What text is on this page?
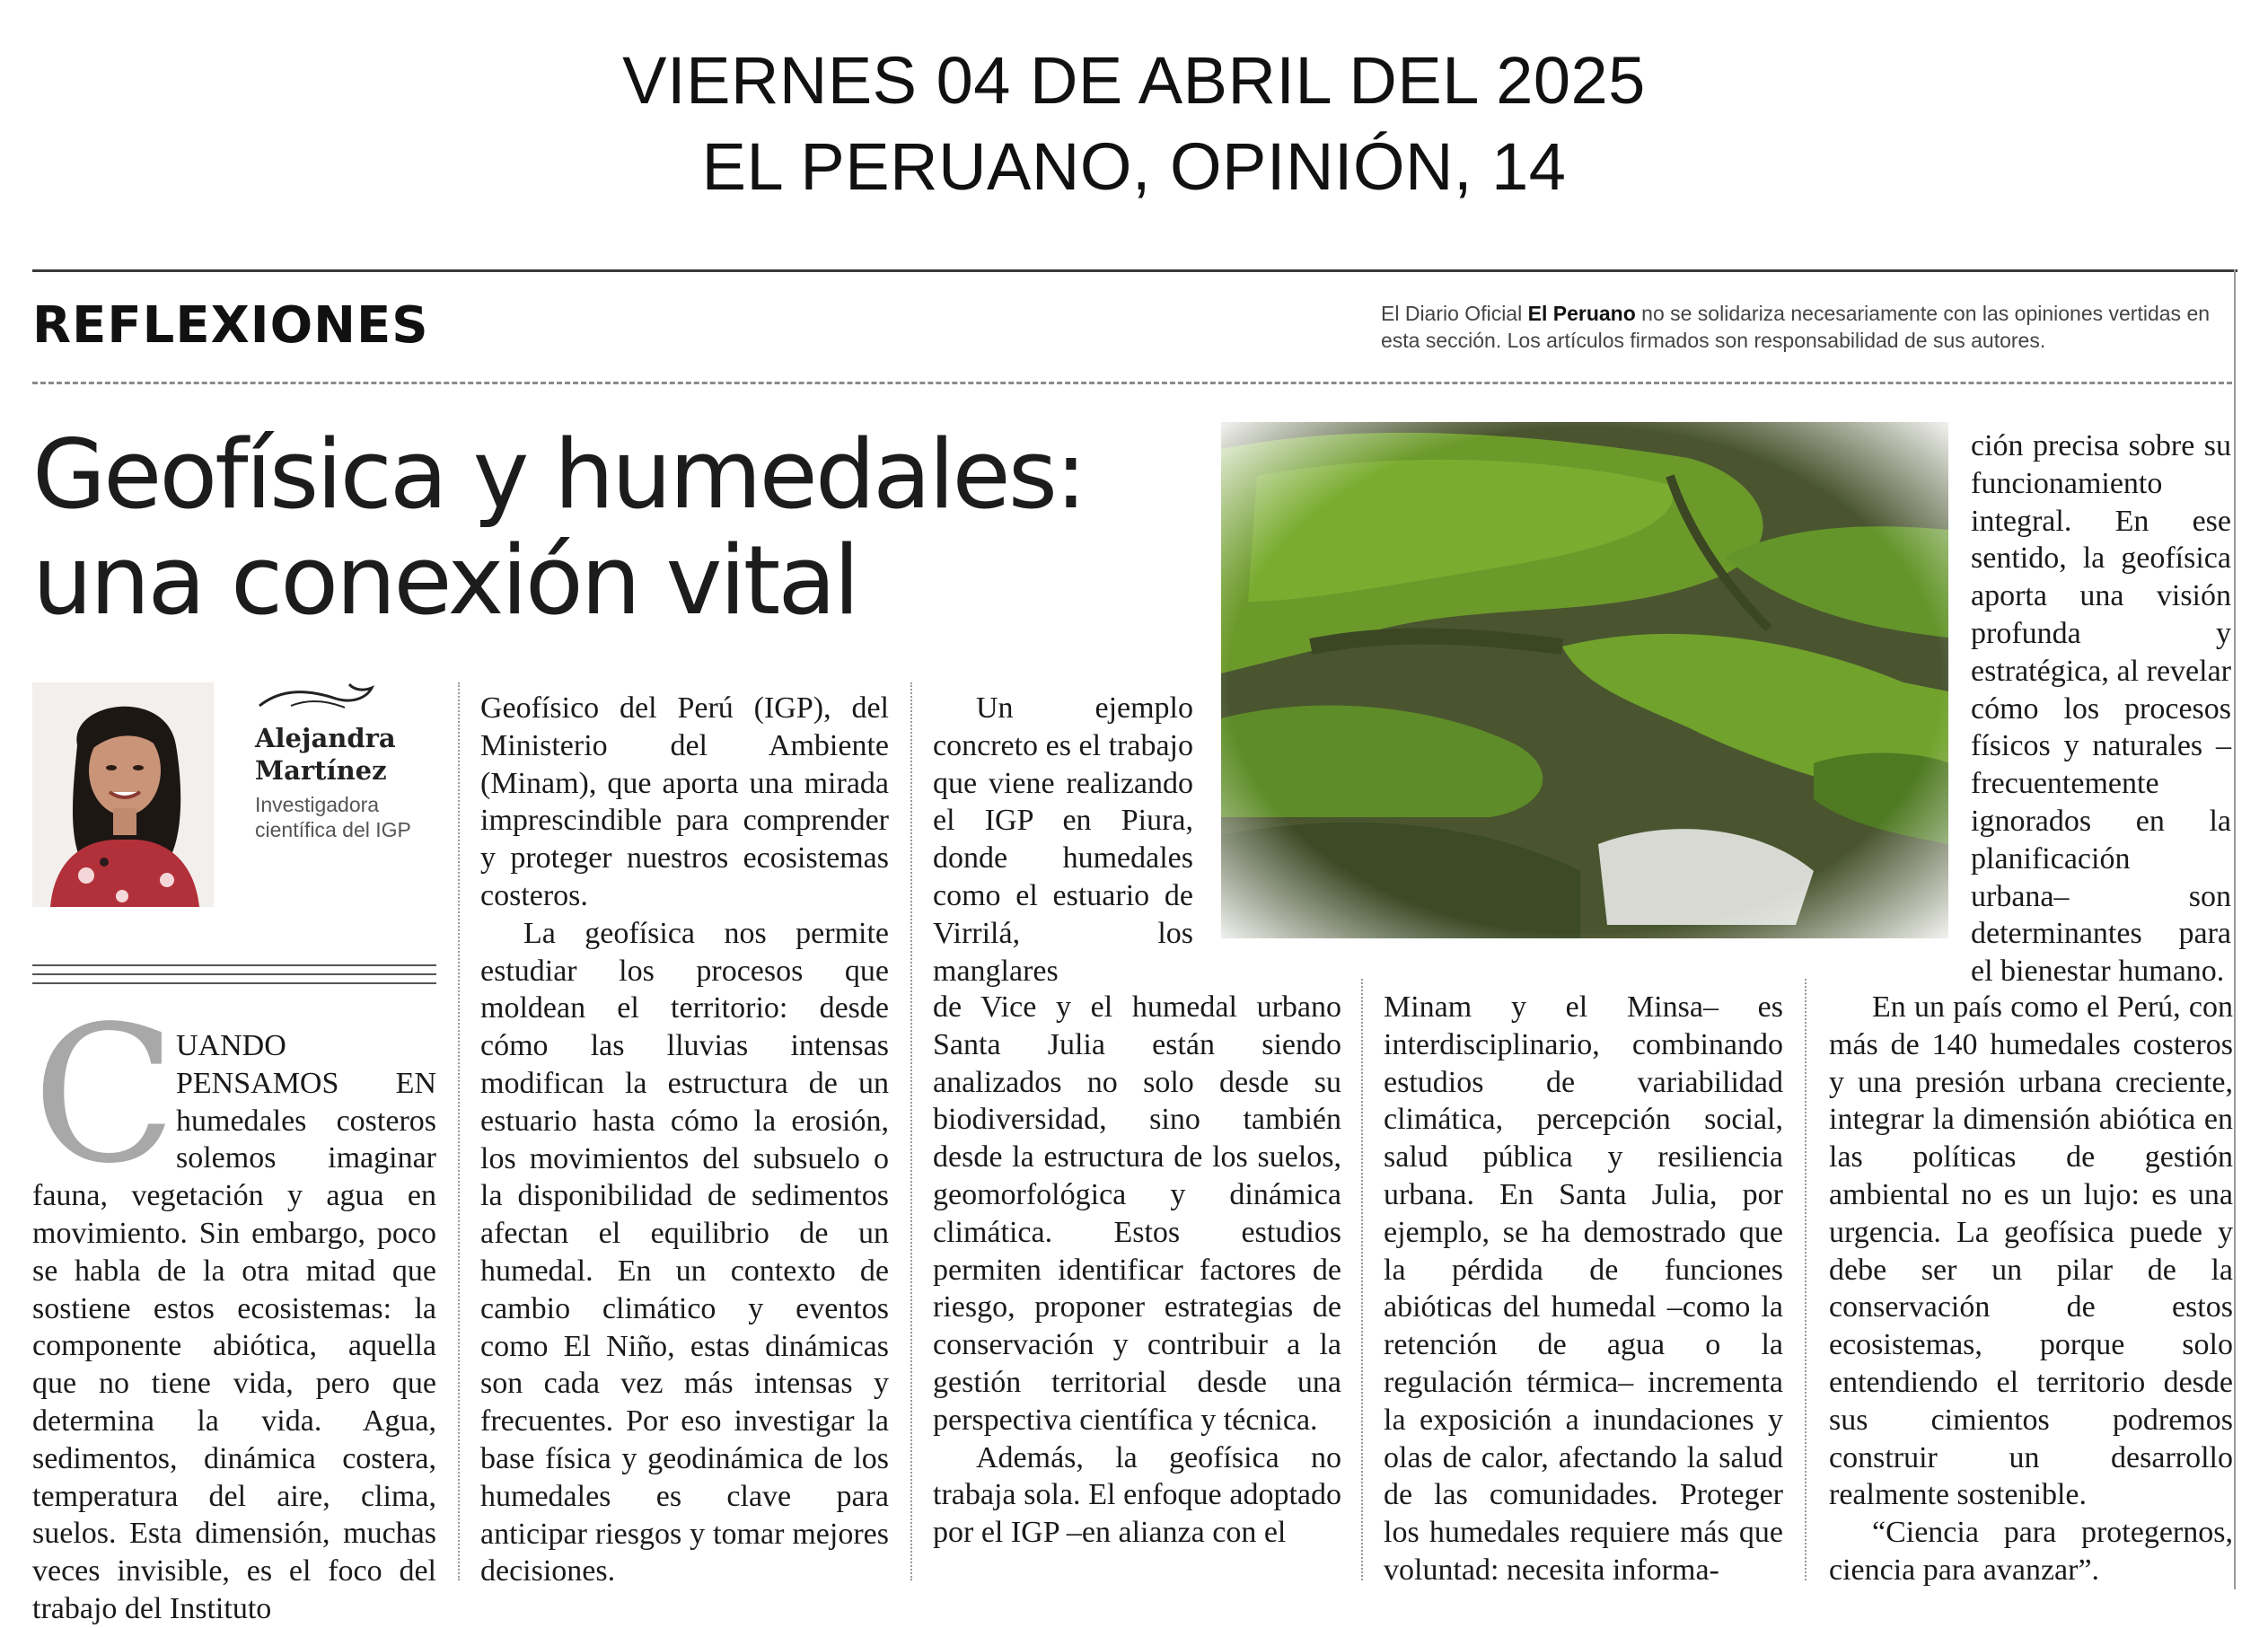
VIERNES 04 DE ABRIL DEL 2025
EL PERUANO, OPINIÓN, 14
REFLEXIONES	El Diario Oficial El Peruano no se solidariza necesariamente con las opiniones vertidas en esta sección. Los artículos firmados son responsabilidad de sus autores.
Geofísica y humedales:
una conexión vital
Alejandra
Martínez
Investigadora
científica del IGP
C UANDO PENSAMOS EN humedales costeros solemos imaginar fauna, vegetación y agua en movimiento. Sin embargo, poco se habla de la otra mitad que sostiene estos ecosistemas: la componente abiótica, aquella que no tiene vida, pero que determina la vida. Agua, sedimentos, dinámica costera, temperatura del aire, clima, suelos. Esta dimensión, muchas veces invisible, es el foco del trabajo del Instituto

Geofísico del Perú (IGP), del Ministerio del Ambiente (Minam), que aporta una mirada imprescindible para comprender y proteger nuestros ecosistemas costeros.

La geofísica nos permite estudiar los procesos que moldean el territorio: desde cómo las lluvias intensas modifican la estructura de un estuario hasta cómo la erosión, los movimientos del subsuelo o la disponibilidad de sedimentos afectan el equilibrio de un humedal. En un contexto de cambio climático y eventos como El Niño, estas dinámicas son cada vez más intensas y frecuentes. Por eso investigar la base física y geodinámica de los humedales es clave para anticipar riesgos y tomar mejores decisiones.

Un ejemplo concreto es el trabajo que viene realizando el IGP en Piura, donde humedales como el estuario de Virrilá, los manglares

de Vice y el humedal urbano Santa Julia están siendo analizados no solo desde su biodiversidad, sino también desde la estructura de los suelos, geomorfológica y dinámica climática. Estos estudios permiten identificar factores de riesgo, proponer estrategias de conservación y contribuir a la gestión territorial desde una perspectiva científica y técnica.

Además, la geofísica no trabaja sola. El enfoque adoptado por el IGP –en alianza con el

Minam y el Minsa– es interdisciplinario, combinando estudios de variabilidad climática, percepción social, salud pública y resiliencia urbana. En Santa Julia, por ejemplo, se ha demostrado que la pérdida de funciones abióticas del humedal –como la retención de agua o la regulación térmica– incrementa la exposición a inundaciones y olas de calor, afectando la salud de las comunidades. Proteger los humedales requiere más que voluntad: necesita informa-

ción precisa sobre su funcionamiento integral. En ese sentido, la geofísica aporta una visión profunda y estratégica, al revelar cómo los procesos físicos y naturales –frecuentemente ignorados en la planificación urbana– son determinantes para el bienestar humano.

En un país como el Perú, con más de 140 humedales costeros y una presión urbana creciente, integrar la dimensión abiótica en las políticas de gestión ambiental no es un lujo: es una urgencia. La geofísica puede y debe ser un pilar de la conservación de estos ecosistemas, porque solo entendiendo el territorio desde sus cimientos podremos construir un desarrollo realmente sostenible.

“Ciencia para protegernos, ciencia para avanzar”.
